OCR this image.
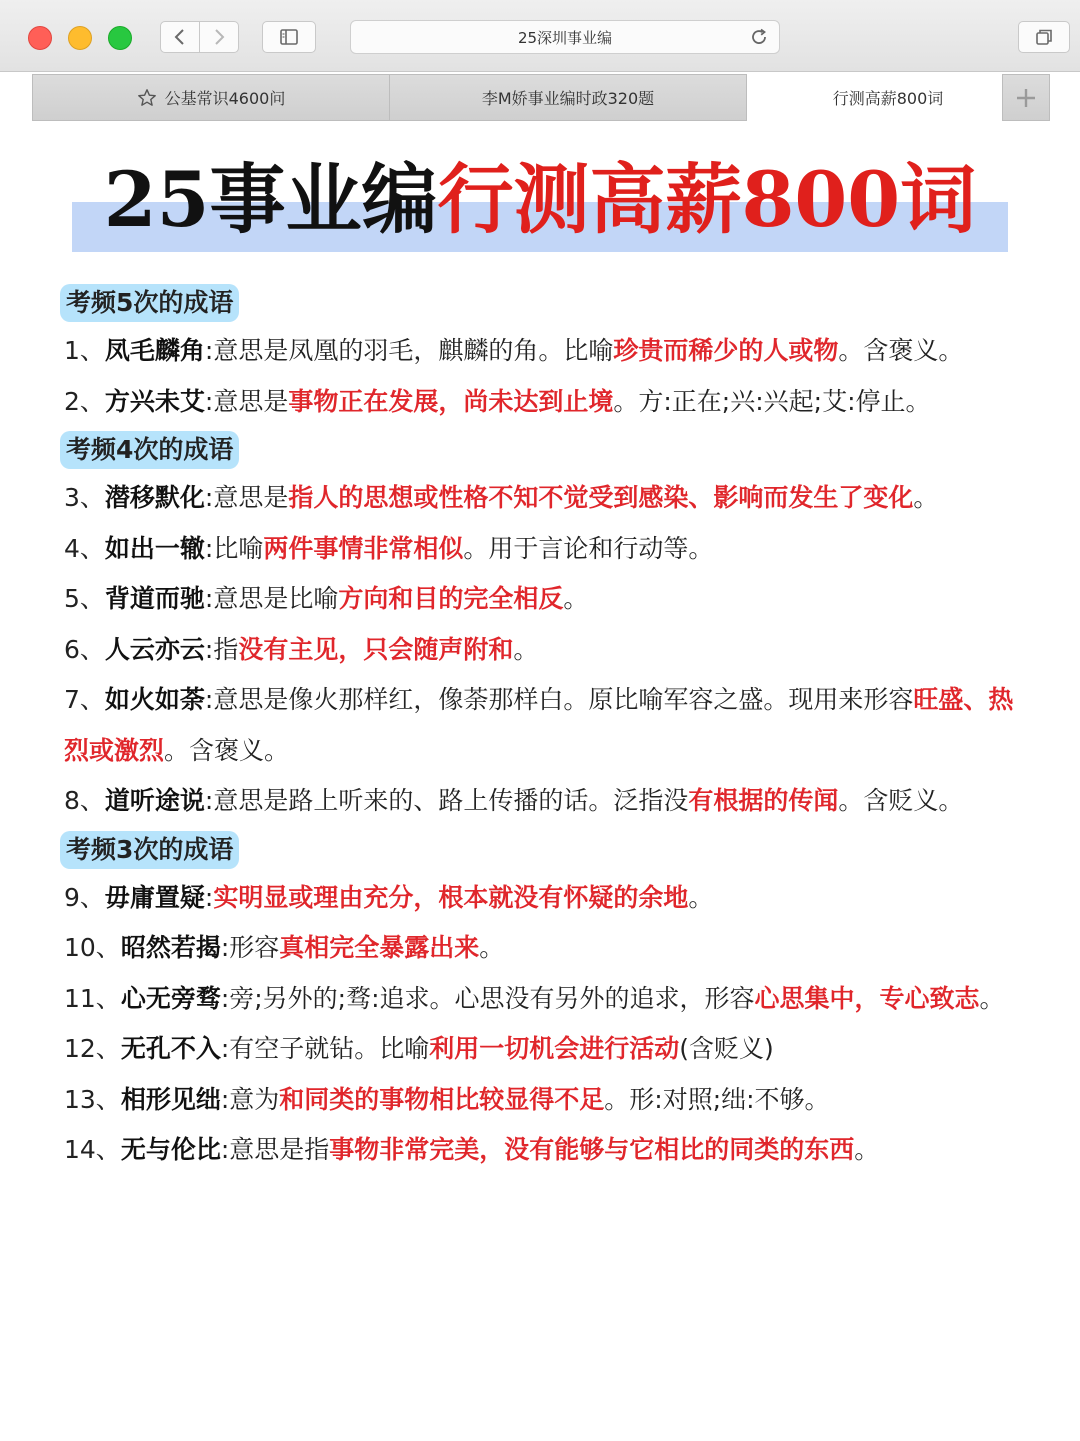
25深圳事业编
公基常识4600问	李M娇事业编时政320题	行测高薪800词
25事业编行测高薪800词
考频5次的成语
1、凤毛麟角:意思是凤凰的羽毛，麒麟的角。比喻珍贵而稀少的人或物。含褒义。
2、方兴未艾:意思是事物正在发展，尚未达到止境。方:正在;兴:兴起;艾:停止。
考频4次的成语
3、潜移默化:意思是指人的思想或性格不知不觉受到感染、影响而发生了变化。
4、如出一辙:比喻两件事情非常相似。用于言论和行动等。
5、背道而驰:意思是比喻方向和目的完全相反。
6、人云亦云:指没有主见，只会随声附和。
7、如火如荼:意思是像火那样红，像荼那样白。原比喻军容之盛。现用来形容旺盛、热烈或激烈。含褒义。
8、道听途说:意思是路上听来的、路上传播的话。泛指没有根据的传闻。含贬义。
考频3次的成语
9、毋庸置疑:实明显或理由充分，根本就没有怀疑的余地。
10、昭然若揭:形容真相完全暴露出来。
11、心无旁骛:旁;另外的;骛:追求。心思没有另外的追求，形容心思集中，专心致志。
12、无孔不入:有空子就钻。比喻利用一切机会进行活动(含贬义)
13、相形见绌:意为和同类的事物相比较显得不足。形:对照;绌:不够。
14、无与伦比:意思是指事物非常完美，没有能够与它相比的同类的东西。
